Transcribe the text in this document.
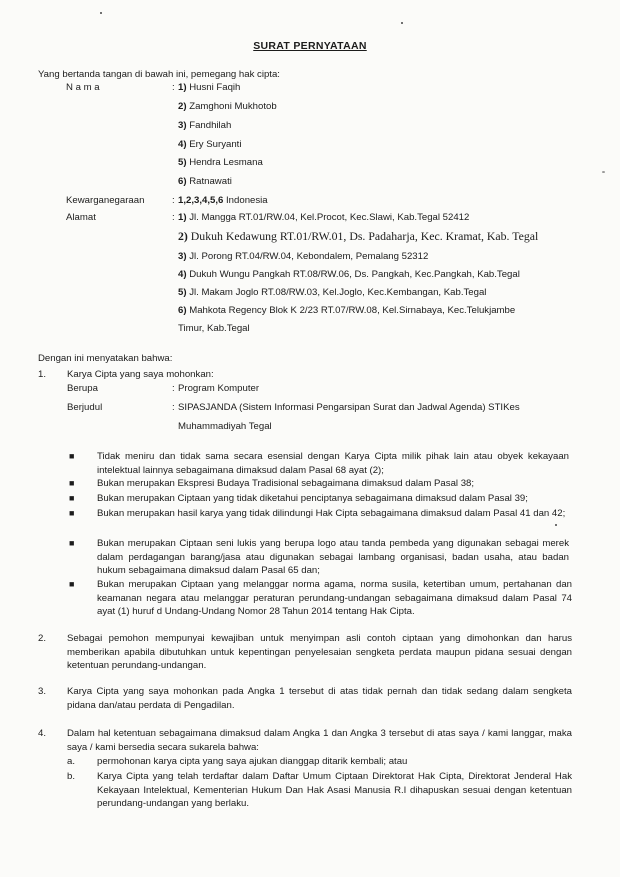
SURAT PERNYATAAN
Yang bertanda tangan di bawah ini, pemegang hak cipta:
N a m a	: 1) Husni Faqih
2) Zamghoni Mukhotob
3) Fandhilah
4) Ery Suryanti
5) Hendra Lesmana
6) Ratnawati
Kewarganegaraan	: 1,2,3,4,5,6 Indonesia
Alamat	: 1) Jl. Mangga RT.01/RW.04, Kel.Procot, Kec.Slawi, Kab.Tegal 52412
2) Dukuh Kedawung RT.01/RW.01, Ds. Padaharja, Kec. Kramat, Kab. Tegal
3) Jl. Porong RT.04/RW.04, Kebondalem, Pemalang 52312
4) Dukuh Wungu Pangkah RT.08/RW.06, Ds. Pangkah, Kec.Pangkah, Kab.Tegal
5) Jl. Makam Joglo RT.08/RW.03, Kel.Joglo, Kec.Kembangan, Kab.Tegal
6) Mahkota Regency Blok K 2/23 RT.07/RW.08, Kel.Sirnabaya, Kec.Telukjambe
Timur, Kab.Tegal
Dengan ini menyatakan bahwa:
1. Karya Cipta yang saya mohonkan:
Berupa	: Program Komputer
Berjudul	: SIPASJANDA (Sistem Informasi Pengarsipan Surat dan Jadwal Agenda) STIKes
Muhammadiyah Tegal
■ Tidak meniru dan tidak sama secara esensial dengan Karya Cipta milik pihak lain atau obyek kekayaan intelektual lainnya sebagaimana dimaksud dalam Pasal 68 ayat (2);
■ Bukan merupakan Ekspresi Budaya Tradisional sebagaimana dimaksud dalam Pasal 38;
■ Bukan merupakan Ciptaan yang tidak diketahui penciptanya sebagaimana dimaksud dalam Pasal 39;
■ Bukan merupakan hasil karya yang tidak dilindungi Hak Cipta sebagaimana dimaksud dalam Pasal 41 dan 42;
■ Bukan merupakan Ciptaan seni lukis yang berupa logo atau tanda pembeda yang digunakan sebagai merek dalam perdagangan barang/jasa atau digunakan sebagai lambang organisasi, badan usaha, atau badan hukum sebagaimana dimaksud dalam Pasal 65 dan;
■ Bukan merupakan Ciptaan yang melanggar norma agama, norma susila, ketertiban umum, pertahanan dan keamanan negara atau melanggar peraturan perundang-undangan sebagaimana dimaksud dalam Pasal 74 ayat (1) huruf d Undang-Undang Nomor 28 Tahun 2014 tentang Hak Cipta.
2. Sebagai pemohon mempunyai kewajiban untuk menyimpan asli contoh ciptaan yang dimohonkan dan harus memberikan apabila dibutuhkan untuk kepentingan penyelesaian sengketa perdata maupun pidana sesuai dengan ketentuan perundang-undangan.
3. Karya Cipta yang saya mohonkan pada Angka 1 tersebut di atas tidak pernah dan tidak sedang dalam sengketa pidana dan/atau perdata di Pengadilan.
4. Dalam hal ketentuan sebagaimana dimaksud dalam Angka 1 dan Angka 3 tersebut di atas saya / kami langgar, maka saya / kami bersedia secara sukarela bahwa:
a. permohonan karya cipta yang saya ajukan dianggap ditarik kembali; atau
b. Karya Cipta yang telah terdaftar dalam Daftar Umum Ciptaan Direktorat Hak Cipta, Direktorat Jenderal Hak Kekayaan Intelektual, Kementerian Hukum Dan Hak Asasi Manusia R.I dihapuskan sesuai dengan ketentuan perundang-undangan yang berlaku.
